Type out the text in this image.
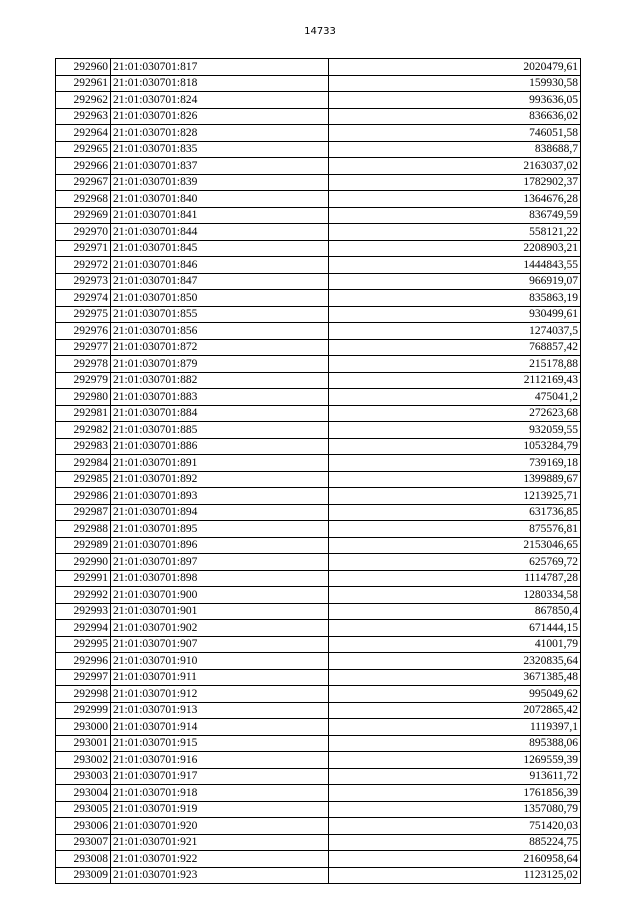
14733
292960	21:01:030701:817	2020479,61
292961	21:01:030701:818	159930,58
292962	21:01:030701:824	993636,05
292963	21:01:030701:826	836636,02
292964	21:01:030701:828	746051,58
292965	21:01:030701:835	838688,7
292966	21:01:030701:837	2163037,02
292967	21:01:030701:839	1782902,37
292968	21:01:030701:840	1364676,28
292969	21:01:030701:841	836749,59
292970	21:01:030701:844	558121,22
292971	21:01:030701:845	2208903,21
292972	21:01:030701:846	1444843,55
292973	21:01:030701:847	966919,07
292974	21:01:030701:850	835863,19
292975	21:01:030701:855	930499,61
292976	21:01:030701:856	1274037,5
292977	21:01:030701:872	768857,42
292978	21:01:030701:879	215178,88
292979	21:01:030701:882	2112169,43
292980	21:01:030701:883	475041,2
292981	21:01:030701:884	272623,68
292982	21:01:030701:885	932059,55
292983	21:01:030701:886	1053284,79
292984	21:01:030701:891	739169,18
292985	21:01:030701:892	1399889,67
292986	21:01:030701:893	1213925,71
292987	21:01:030701:894	631736,85
292988	21:01:030701:895	875576,81
292989	21:01:030701:896	2153046,65
292990	21:01:030701:897	625769,72
292991	21:01:030701:898	1114787,28
292992	21:01:030701:900	1280334,58
292993	21:01:030701:901	867850,4
292994	21:01:030701:902	671444,15
292995	21:01:030701:907	41001,79
292996	21:01:030701:910	2320835,64
292997	21:01:030701:911	3671385,48
292998	21:01:030701:912	995049,62
292999	21:01:030701:913	2072865,42
293000	21:01:030701:914	1119397,1
293001	21:01:030701:915	895388,06
293002	21:01:030701:916	1269559,39
293003	21:01:030701:917	913611,72
293004	21:01:030701:918	1761856,39
293005	21:01:030701:919	1357080,79
293006	21:01:030701:920	751420,03
293007	21:01:030701:921	885224,75
293008	21:01:030701:922	2160958,64
293009	21:01:030701:923	1123125,02
